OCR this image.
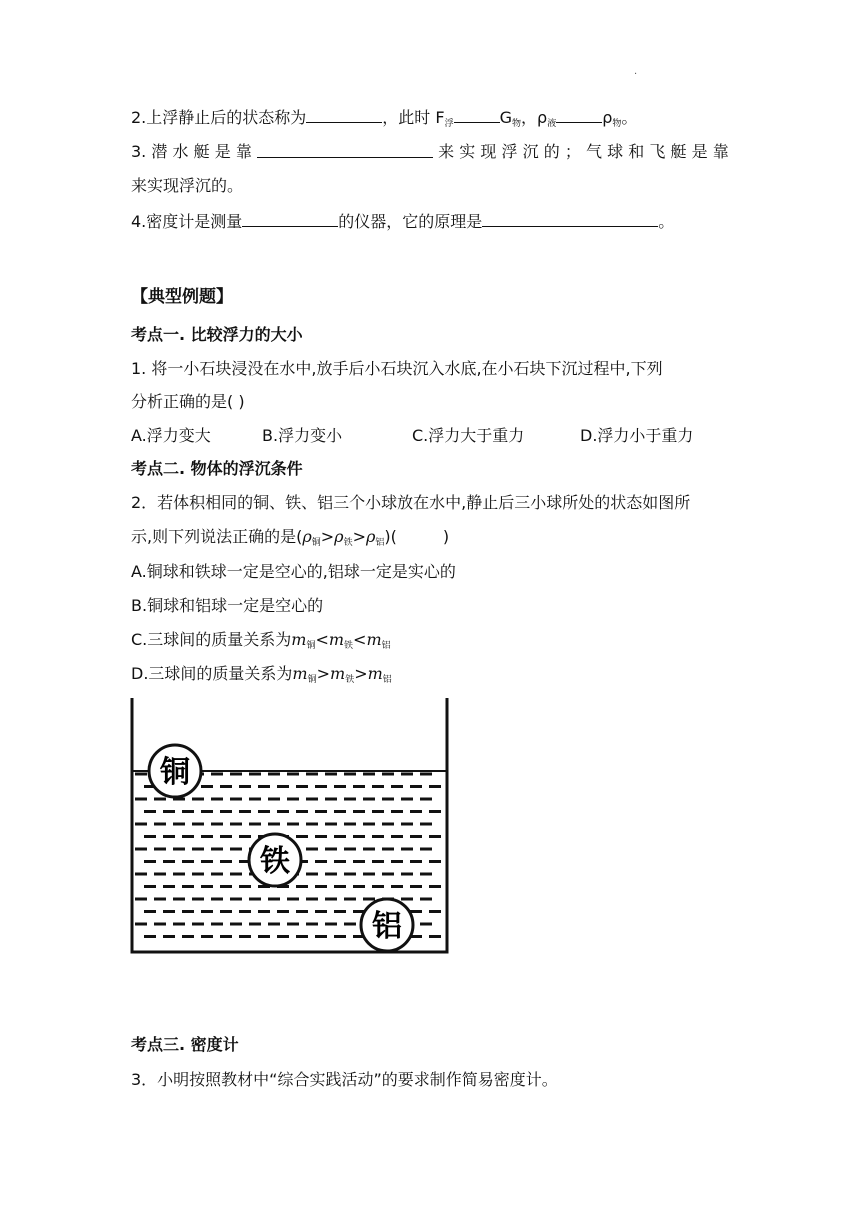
.
2.上浮静止后的状态称为	，此时 $F_浮$	$G_物$，$\rho_液$	$\rho_物$。
3. 潜 水 艇 是 靠	来 实 现 浮 沉 的 ； 气 球 和 飞 艇 是 靠
来实现浮沉的。
4.密度计是测量	的仪器，它的原理是	。
【典型例题】
考点一. 比较浮力的大小
1. 将一小石块浸没在水中,放手后小石块沉入水底,在小石块下沉过程中,下列
分析正确的是( )
A.浮力变大	B.浮力变小	C.浮力大于重力	D.浮力小于重力
考点二. 物体的浮沉条件
2．若体积相同的铜、铁、铝三个小球放在水中,静止后三小球所处的状态如图所
示,则下列说法正确的是$(\rho_铜>\rho_铁>\rho_铝)$(	)
A.铜球和铁球一定是空心的,铝球一定是实心的
B.铜球和铝球一定是空心的
C.三球间的质量关系为$m_铜<m_铁<m_铝$
D.三球间的质量关系为$m_铜>m_铁>m_铝$
铜
铁
铝
考点三. 密度计
3．小明按照教材中“综合实践活动”的要求制作简易密度计。
